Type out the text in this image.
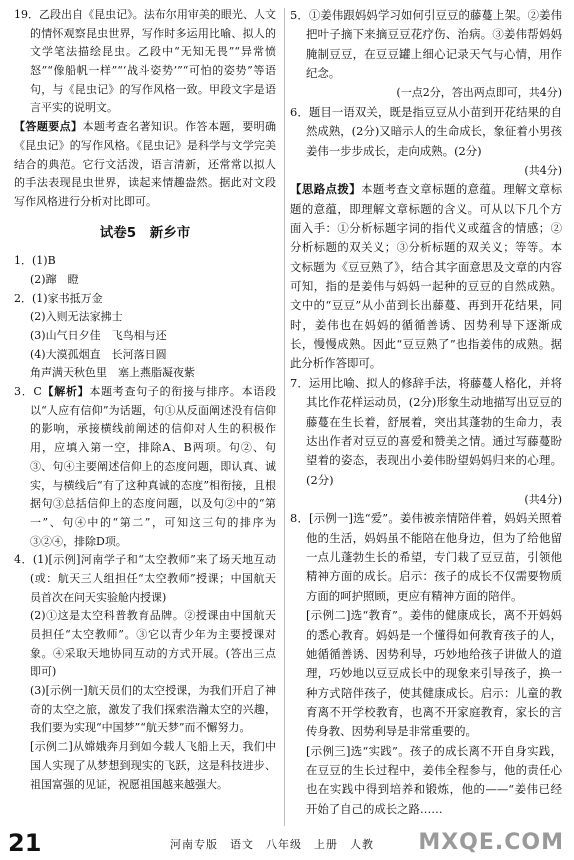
19．乙段出自《昆虫记》。法布尔用审美的眼光、人文的情怀观察昆虫世界，写作时多运用比喻、拟人的文学笔法描绘昆虫。乙段中“无知无畏”“异常愤怒”“像船帆一样”“‘战斗姿势’”“可怕的姿势”等语句，与《昆虫记》的写作风格一致。甲段文字是语言平实的说明文。

【答题要点】本题考查名著知识。作答本题，要明确《昆虫记》的写作风格。《昆虫记》是科学与文学完美结合的典范。它行文活泼，语言清新，还常常以拟人的手法表现昆虫世界，读起来情趣盎然。据此对文段写作风格进行分析对比即可。

试卷5　新乡市

1．(1)B

(2)蹿　瞪

2．(1)家书抵万金

(2)入则无法家拂士

(3)山气日夕佳　飞鸟相与还

(4)大漠孤烟直　长河落日圆

角声满天秋色里　塞上燕脂凝夜紫

3．C【解析】本题考查句子的衔接与排序。本语段以“人应有信仰”为话题，句①从反面阐述没有信仰的影响，承接横线前阐述的信仰对人生的积极作用，应填入第一空，排除A、B两项。句②、句③、句④主要阐述信仰上的态度问题，即认真、诚实，与横线后“有了这种真诚的态度”相衔接，且根据句③总括信仰上的态度问题，以及句②中的“第一”、句④中的“第二”，可知这三句的排序为③②④，排除D项。

4．(1)[示例]河南学子和“太空教师”来了场天地互动(或：航天三人组担任“太空教师”授课；中国航天员首次在问天实验舱内授课)

(2)①这是太空科普教育品牌。②授课由中国航天员担任“太空教师”。③它以青少年为主要授课对象。④采取天地协同互动的方式开展。(答出三点即可)

(3)[示例一]航天员们的太空授课，为我们开启了神奇的太空之旅，激发了我们探索浩瀚太空的兴趣，我们要为实现“中国梦”“航天梦”而不懈努力。

[示例二]从嫦娥奔月到如今载人飞船上天，我们中国人实现了从梦想到现实的飞跃，这是科技进步、祖国富强的见证，祝愿祖国越来越强大。

5．①姜伟跟妈妈学习如何引豆豆的藤蔓上架。②姜伟把叶子摘下来摘豆豆花疗伤、治病。③姜伟帮妈妈腌制豆豆，在豆豆罐上细心记录天气与心情，用作纪念。

(一点2分，答出两点即可，共4分)

6．题目一语双关，既是指豆豆从小苗到开花结果的自然成熟，(2分)又暗示人的生命成长，象征着小男孩姜伟一步步成长，走向成熟。(2分)

(共4分)

【思路点拨】本题考查文章标题的意蕴。理解文章标题的意蕴，即理解文章标题的含义。可从以下几个方面入手：①分析标题字词的指代义或蕴含的情感；②分析标题的双关义；③分析标题的双关义；等等。本文标题为《豆豆熟了》，结合其字面意思及文章的内容可知，指的是姜伟与妈妈一起种的豆豆的自然成熟。文中的“豆豆”从小苗到长出藤蔓、再到开花结果，同时，姜伟也在妈妈的循循善诱、因势利导下逐渐成长，慢慢成熟。因此“豆豆熟了”也指姜伟的成熟。据此分析作答即可。

7．运用比喻、拟人的修辞手法，将藤蔓人格化，并将其比作花样运动员，(2分)形象生动地描写出豆豆的藤蔓在生长着，舒展着，突出其蓬勃的生命力，表达出作者对豆豆的喜爱和赞美之情。通过写藤蔓盼望着的姿态，表现出小姜伟盼望妈妈归来的心理。(2分)

(共4分)

8．[示例一]选“爱”。姜伟被亲情陪伴着，妈妈关照着他的生活，妈妈虽不能陪在他身边，但为了给他留一点儿蓬勃生长的希望，专门栽了豆豆苗，引领他精神方面的成长。启示：孩子的成长不仅需要物质方面的呵护照顾，更应有精神方面的陪伴。

[示例二]选“教育”。姜伟的健康成长，离不开妈妈的悉心教育。妈妈是一个懂得如何教育孩子的人，她循循善诱、因势利导，巧妙地给孩子讲做人的道理，巧妙地以豆豆成长中的现象来引导孩子，换一种方式陪伴孩子，使其健康成长。启示：儿童的教育离不开学校教育，也离不开家庭教育，家长的言传身教、因势利导是非常重要的。

[示例三]选“实践”。孩子的成长离不开自身实践，在豆豆的生长过程中，姜伟全程参与，他的责任心也在实践中得到培养和锻炼，他的——“姜伟已经开始了自己的成长之路……

21	河南专版　语文　八年级　上册　人教 MXQE.COM
